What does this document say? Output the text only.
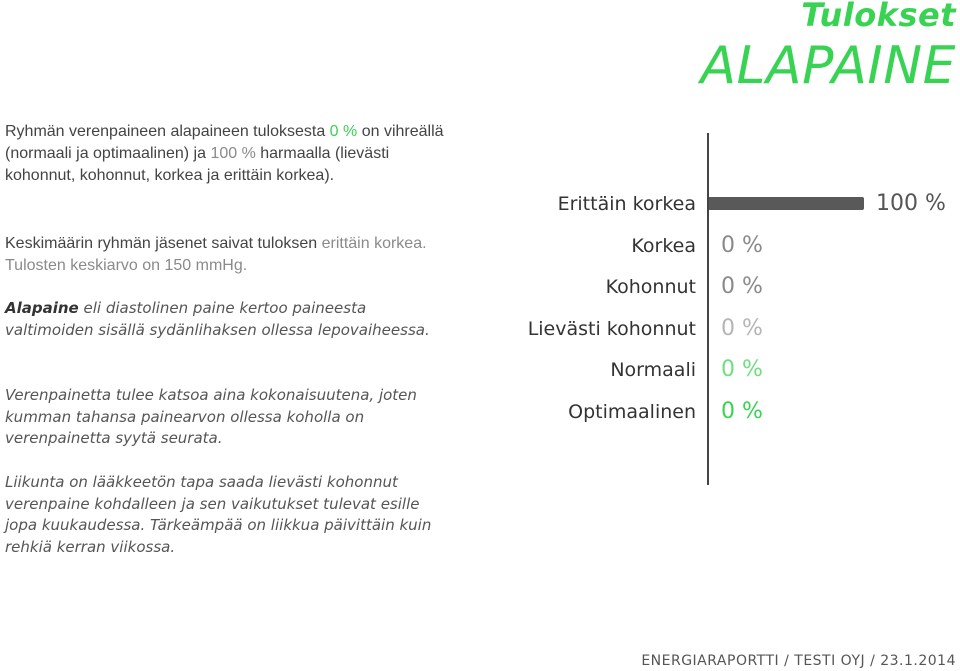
Tulokset
ALAPAINE
Ryhmän verenpaineen alapaineen tuloksesta 0 % on vihreällä (normaali ja optimaalinen) ja 100 % harmaalla (lievästi kohonnut, kohonnut, korkea ja erittäin korkea).
Keskimäärin ryhmän jäsenet saivat tuloksen erittäin korkea. Tulosten keskiarvo on 150 mmHg.
Alapaine eli diastolinen paine kertoo paineesta valtimoiden sisällä sydänlihaksen ollessa lepovaiheessa.
Verenpainetta tulee katsoa aina kokonaisuutena, joten kumman tahansa painearvon ollessa koholla on verenpainetta syytä seurata.
Liikunta on lääkkeetön tapa saada lievästi kohonnut verenpaine kohdalleen ja sen vaikutukset tulevat esille jopa kuukaudessa. Tärkeämpää on liikkua päivittäin kuin rehkiä kerran viikossa.
Erittäin korkea
Korkea
Kohonnut
Lievästi kohonnut
Normaali
Optimaalinen
100 %
0 %
0 %
0 %
0 %
0 %
ENERGIARAPORTTI / TESTI OYJ / 23.1.2014
